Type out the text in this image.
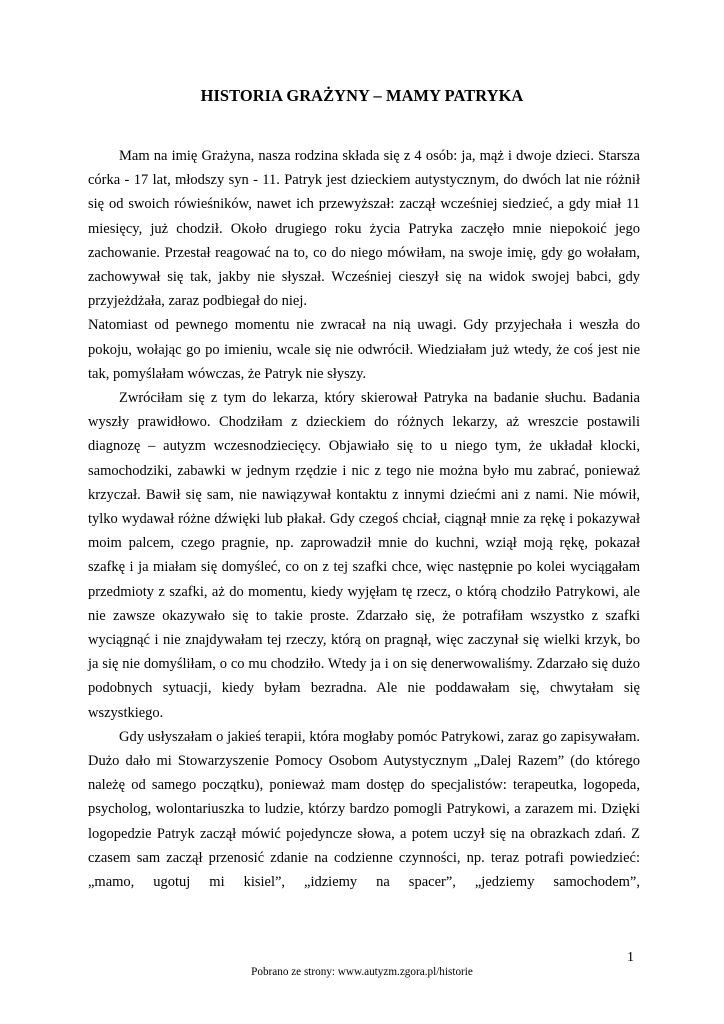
HISTORIA GRAŻYNY – MAMY PATRYKA

Mam na imię Grażyna, nasza rodzina składa się z 4 osób: ja, mąż i dwoje dzieci. Starsza córka - 17 lat, młodszy syn - 11. Patryk jest dzieckiem autystycznym, do dwóch lat nie różnił się od swoich rówieśników, nawet ich przewyższał: zaczął wcześniej siedzieć, a gdy miał 11 miesięcy, już chodził. Około drugiego roku życia Patryka zaczęło mnie niepokoić jego zachowanie. Przestał reagować na to, co do niego mówiłam, na swoje imię, gdy go wołałam, zachowywał się tak, jakby nie słyszał. Wcześniej cieszył się na widok swojej babci, gdy przyjeżdżała, zaraz podbiegał do niej.

Natomiast od pewnego momentu nie zwracał na nią uwagi. Gdy przyjechała i weszła do pokoju, wołając go po imieniu, wcale się nie odwrócił. Wiedziałam już wtedy, że coś jest nie tak, pomyślałam wówczas, że Patryk nie słyszy.

Zwróciłam się z tym do lekarza, który skierował Patryka na badanie słuchu. Badania wyszły prawidłowo. Chodziłam z dzieckiem do różnych lekarzy, aż wreszcie postawili diagnozę – autyzm wczesnodziecięcy. Objawiało się to u niego tym, że układał klocki, samochodziki, zabawki w jednym rzędzie i nic z tego nie można było mu zabrać, ponieważ krzyczał. Bawił się sam, nie nawiązywał kontaktu z innymi dziećmi ani z nami. Nie mówił, tylko wydawał różne dźwięki lub płakał. Gdy czegoś chciał, ciągnął mnie za rękę i pokazywał moim palcem, czego pragnie, np. zaprowadził mnie do kuchni, wziął moją rękę, pokazał szafkę i ja miałam się domyśleć, co on z tej szafki chce, więc następnie po kolei wyciągałam przedmioty z szafki, aż do momentu, kiedy wyjęłam tę rzecz, o którą chodziło Patrykowi, ale nie zawsze okazywało się to takie proste. Zdarzało się, że potrafiłam wszystko z szafki wyciągnąć i nie znajdywałam tej rzeczy, którą on pragnął, więc zaczynał się wielki krzyk, bo ja się nie domyśliłam, o co mu chodziło. Wtedy ja i on się denerwowaliśmy. Zdarzało się dużo podobnych sytuacji, kiedy byłam bezradna. Ale nie poddawałam się, chwytałam się wszystkiego.

Gdy usłyszałam o jakieś terapii, która mogłaby pomóc Patrykowi, zaraz go zapisywałam. Dużo dało mi Stowarzyszenie Pomocy Osobom Autystycznym „Dalej Razem” (do którego należę od samego początku), ponieważ mam dostęp do specjalistów: terapeutka, logopeda, psycholog, wolontariuszka to ludzie, którzy bardzo pomogli Patrykowi, a zarazem mi. Dzięki logopedzie Patryk zaczął mówić pojedyncze słowa, a potem uczył się na obrazkach zdań. Z czasem sam zaczął przenosić zdanie na codzienne czynności, np. teraz potrafi powiedzieć: „mamo, ugotuj mi kisiel”, „idziemy na spacer”, „jedziemy samochodem”,

1
Pobrano ze strony: www.autyzm.zgora.pl/historie
